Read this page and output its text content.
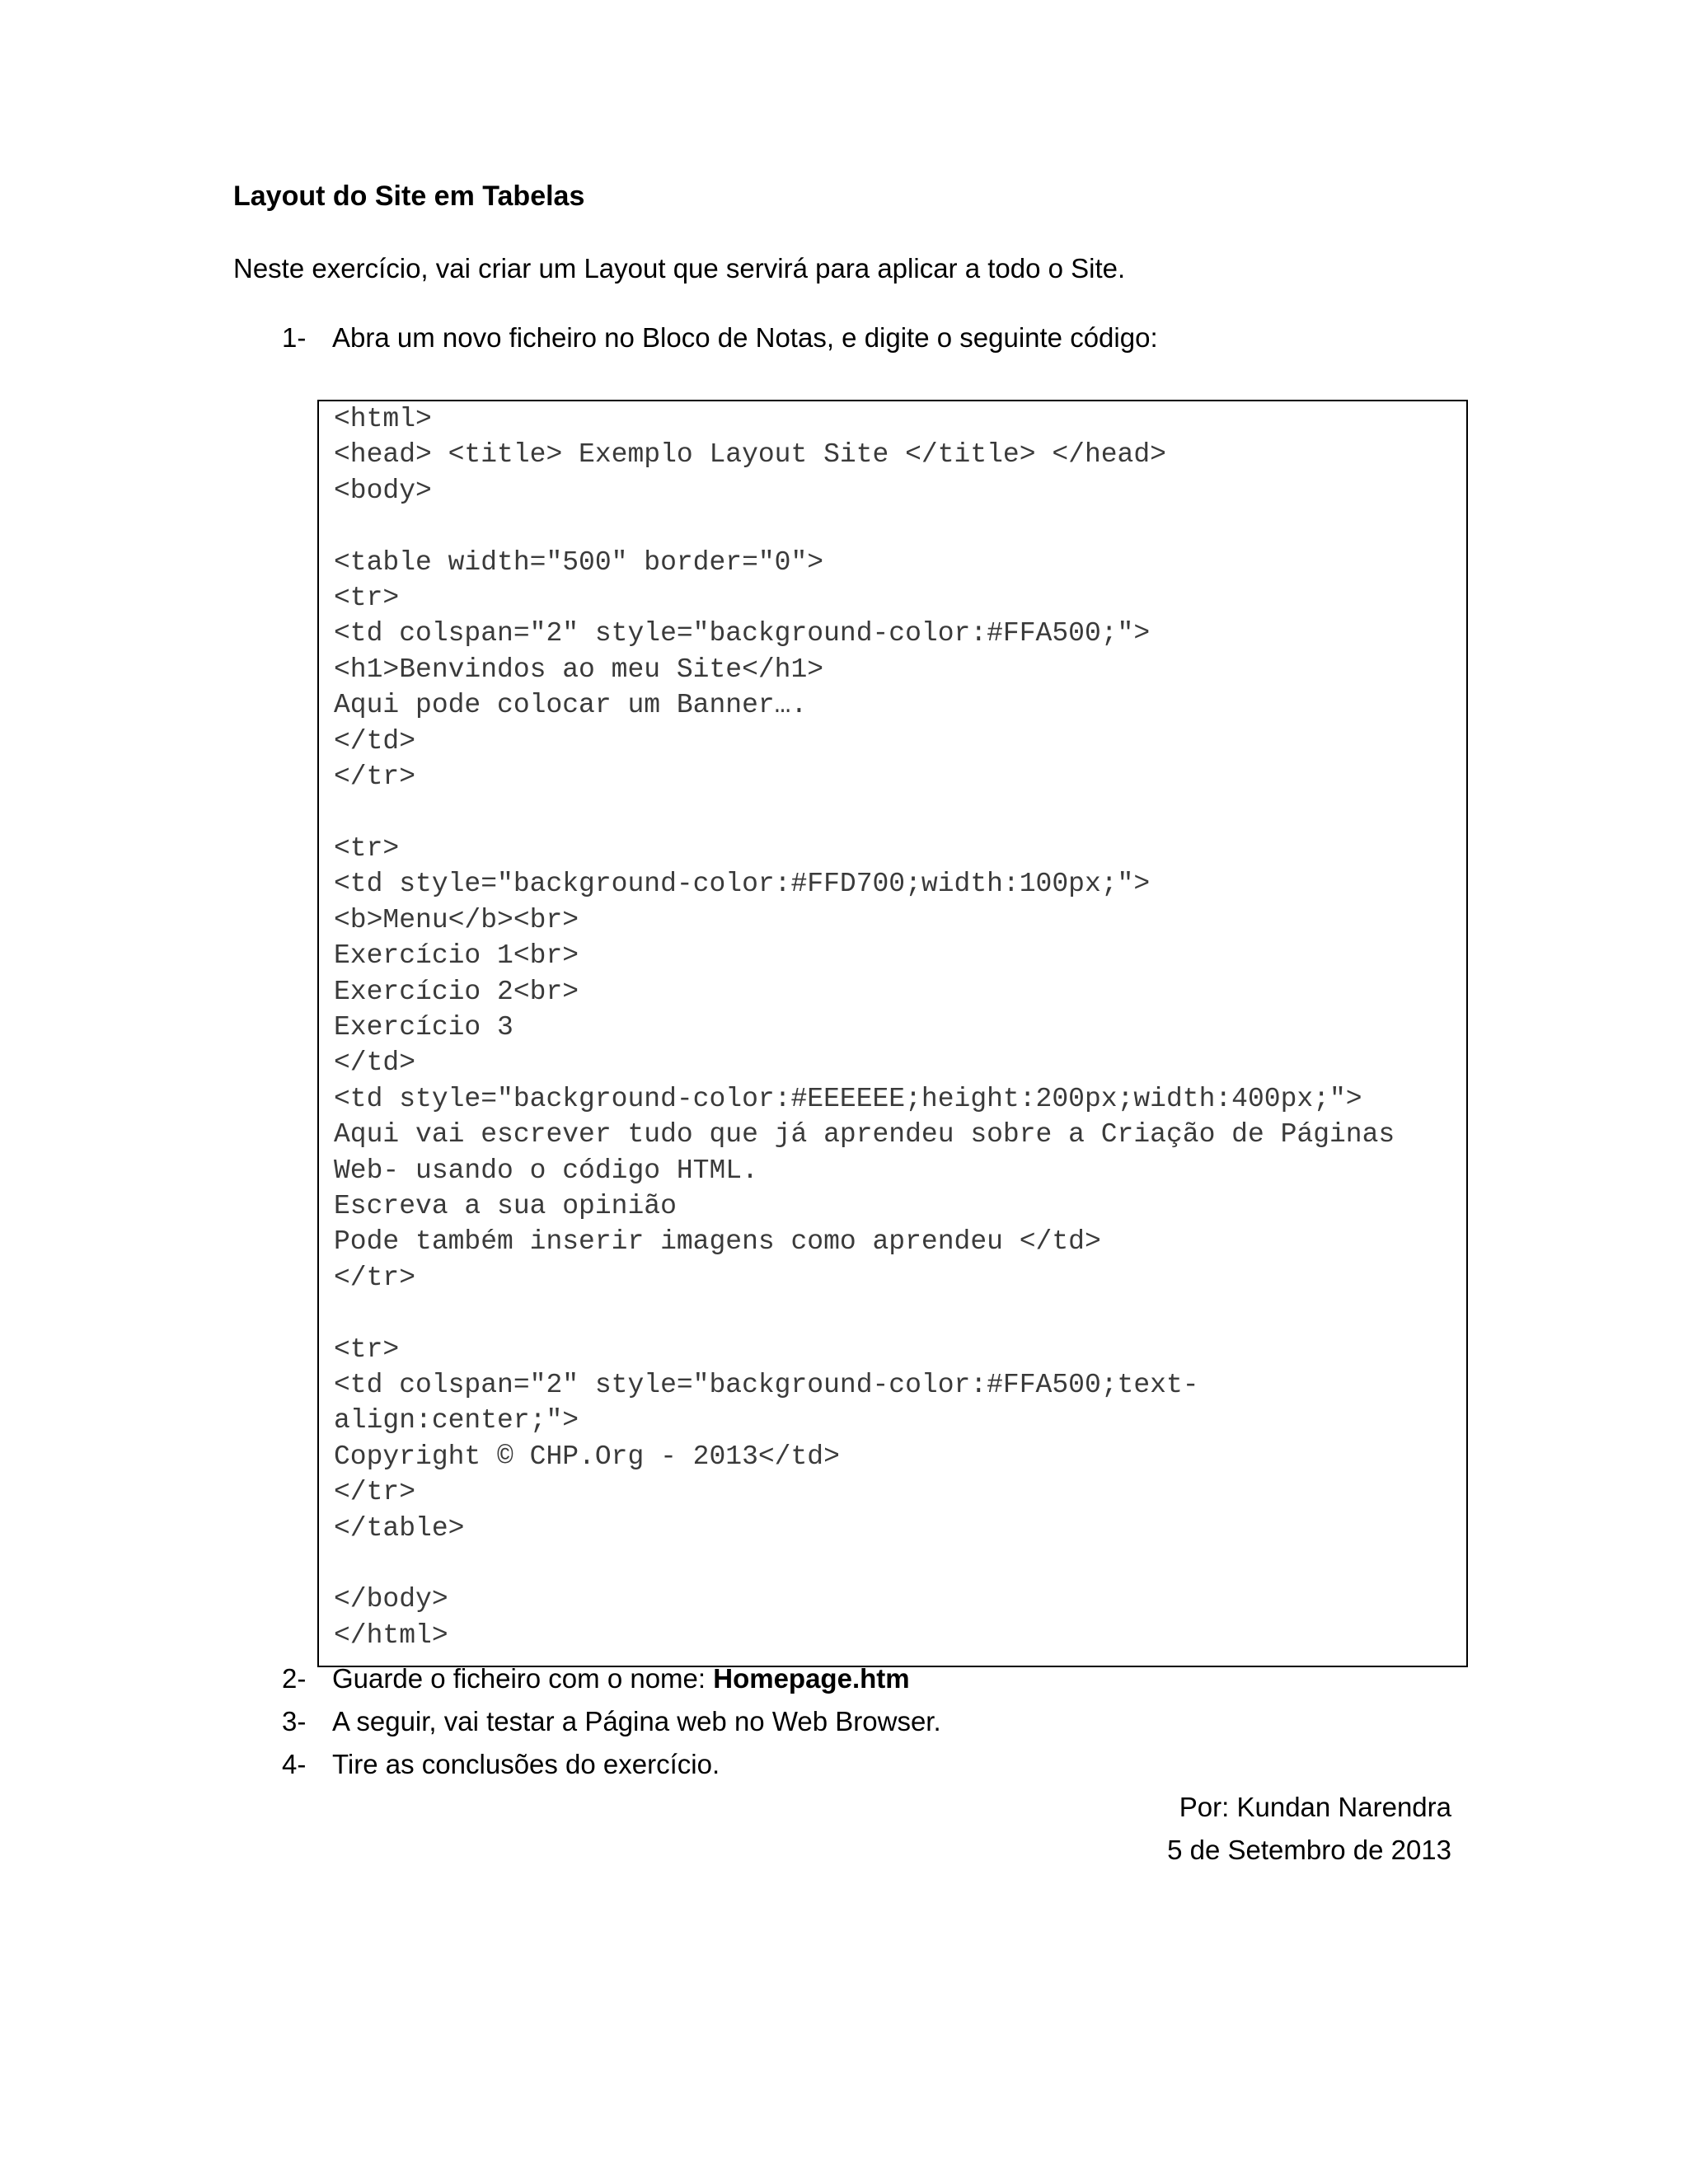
Layout do Site em Tabelas
Neste exercício, vai criar um Layout que servirá para aplicar a todo o Site.
1- Abra um novo ficheiro no Bloco de Notas, e digite o seguinte código:
<html>
<head> <title> Exemplo Layout Site </title> </head>
<body>

<table width="500" border="0">
<tr>
<td colspan="2" style="background-color:#FFA500;">
<h1>Benvindos ao meu Site</h1>
Aqui pode colocar um Banner….
</td>
</tr>

<tr>
<td style="background-color:#FFD700;width:100px;">
<b>Menu</b><br>
Exercício 1<br>
Exercício 2<br>
Exercício 3
</td>
<td style="background-color:#EEEEEE;height:200px;width:400px;">
Aqui vai escrever tudo que já aprendeu sobre a Criação de Páginas
Web- usando o código HTML.
Escreva a sua opinião
Pode também inserir imagens como aprendeu </td>
</tr>

<tr>
<td colspan="2" style="background-color:#FFA500;text-
align:center;">
Copyright © CHP.Org - 2013</td>
</tr>
</table>

</body>
</html>
2- Guarde o ficheiro com o nome: Homepage.htm
3- A seguir, vai testar a Página web no Web Browser.
4- Tire as conclusões do exercício.
Por: Kundan Narendra
5 de Setembro de 2013
